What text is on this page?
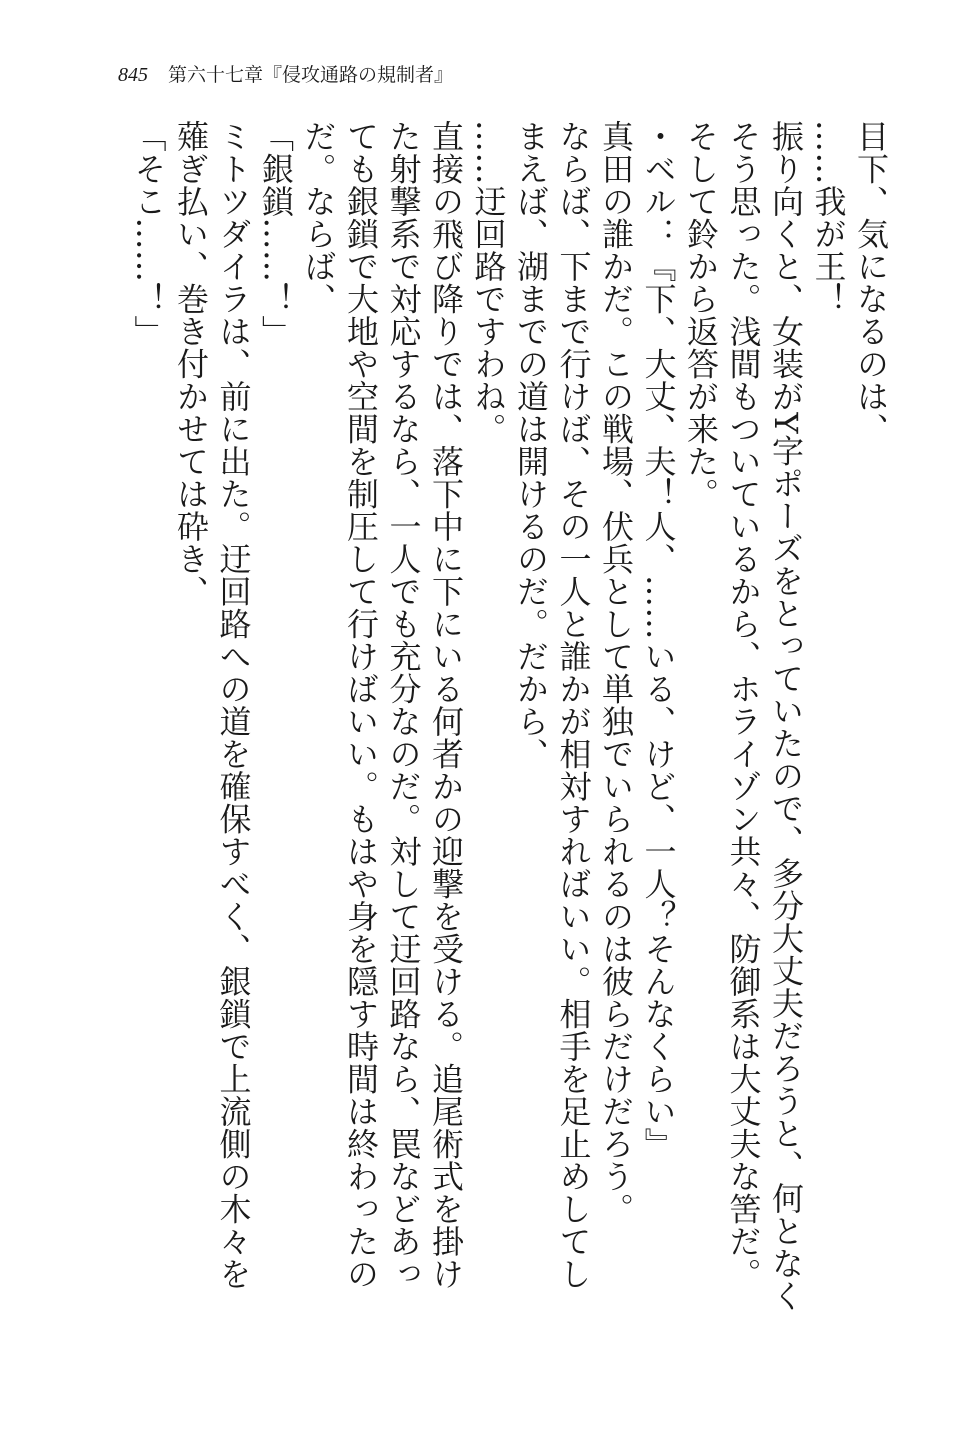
845 第六十七章『侵攻通路の規制者』

目下、気になるのは、

……我が王！

振り向くと、女装がY字ポーズをとっていたので、多分大丈夫だろうと、何となくそう思った。浅間もついているから、ホライゾン共々、防御系は大丈夫な筈だ。

そして鈴から返答が来た。

・ベル：『下、大丈、夫！人、……いる、けど、一人？そんなくらい』

真田の誰かだ。この戦場、伏兵として単独でいられるのは彼らだけだろう。

ならば、下まで行けば、その一人と誰かが相対すればいい。相手を足止めしてしまえば、湖までの道は開けるのだ。だから、

……迂回路ですわね。

直接の飛び降りでは、落下中に下にいる何者かの迎撃を受ける。追尾術式を掛けた射撃系で対応するなら、一人でも充分なのだ。対して迂回路なら、罠などあっても銀鎖で大地や空間を制圧して行けばいい。もはや身を隠す時間は終わったのだ。ならば、

「銀鎖……！」

ミトツダイラは、前に出た。迂回路への道を確保すべく、銀鎖で上流側の木々を薙ぎ払い、巻き付かせては砕き、

「そこ……！」
